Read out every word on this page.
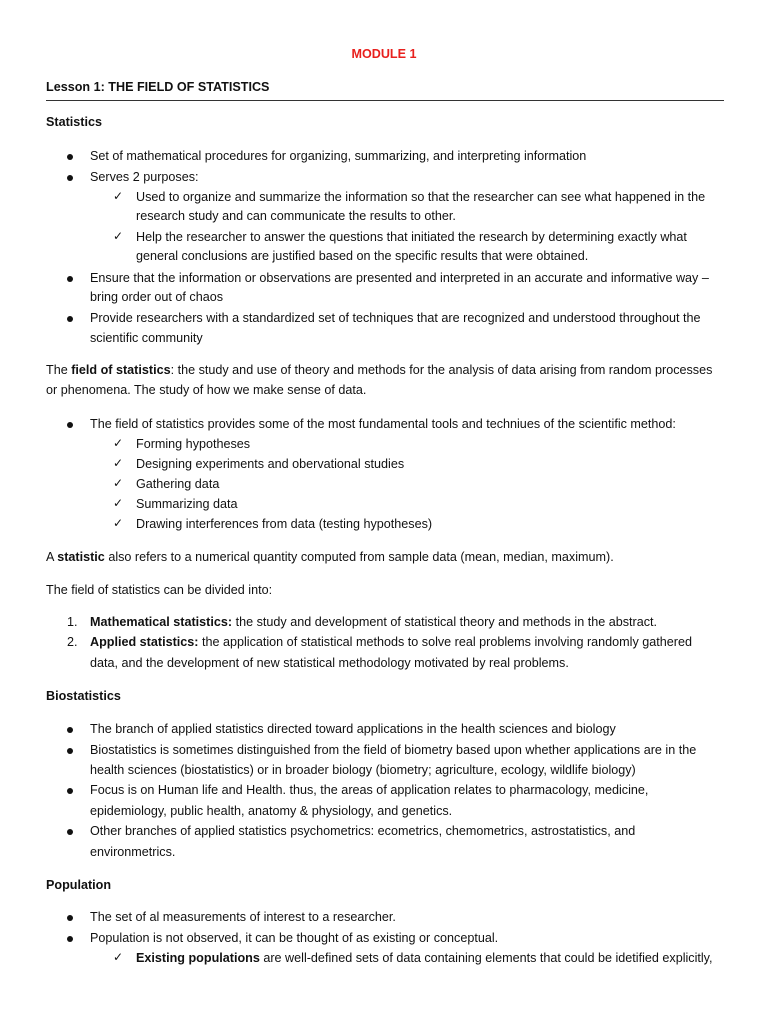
MODULE 1
Lesson 1: THE FIELD OF STATISTICS
Statistics
Set of mathematical procedures for organizing, summarizing, and interpreting information
Serves 2 purposes:
✓ Used to organize and summarize the information so that the researcher can see what happened in the
research study and can communicate the results to other.
✓ Help the researcher to answer the questions that initiated the research by determining exactly what
general conclusions are justified based on the specific results that were obtained.
Ensure that the information or observations are presented and interpreted in an accurate and informative way –
bring order out of chaos
Provide researchers with a standardized set of techniques that are recognized and understood throughout the
scientific community
The field of statistics: the study and use of theory and methods for the analysis of data arising from random processes
or phenomena. The study of how we make sense of data.
The field of statistics provides some of the most fundamental tools and techniues of the scientific method:
✓ Forming hypotheses
✓ Designing experiments and obervational studies
✓ Gathering data
✓ Summarizing data
✓ Drawing interferences from data (testing hypotheses)
A statistic also refers to a numerical quantity computed from sample data (mean, median, maximum).
The field of statistics can be divided into:
1. Mathematical statistics: the study and development of statistical theory and methods in the abstract.
2. Applied statistics: the application of statistical methods to solve real problems involving randomly gathered
data, and the development of new statistical methodology motivated by real problems.
Biostatistics
The branch of applied statistics directed toward applications in the health sciences and biology
Biostatistics is sometimes distinguished from the field of biometry based upon whether applications are in the
health sciences (biostatistics) or in broader biology (biometry; agriculture, ecology, wildlife biology)
Focus is on Human life and Health. thus, the areas of application relates to pharmacology, medicine,
epidemiology, public health, anatomy & physiology, and genetics.
Other branches of applied statistics psychometrics: ecometrics, chemometrics, astrostatistics, and
environmetrics.
Population
The set of al measurements of interest to a researcher.
Population is not observed, it can be thought of as existing or conceptual.
✓ Existing populations are well-defined sets of data containing elements that could be idetified explicitly,
